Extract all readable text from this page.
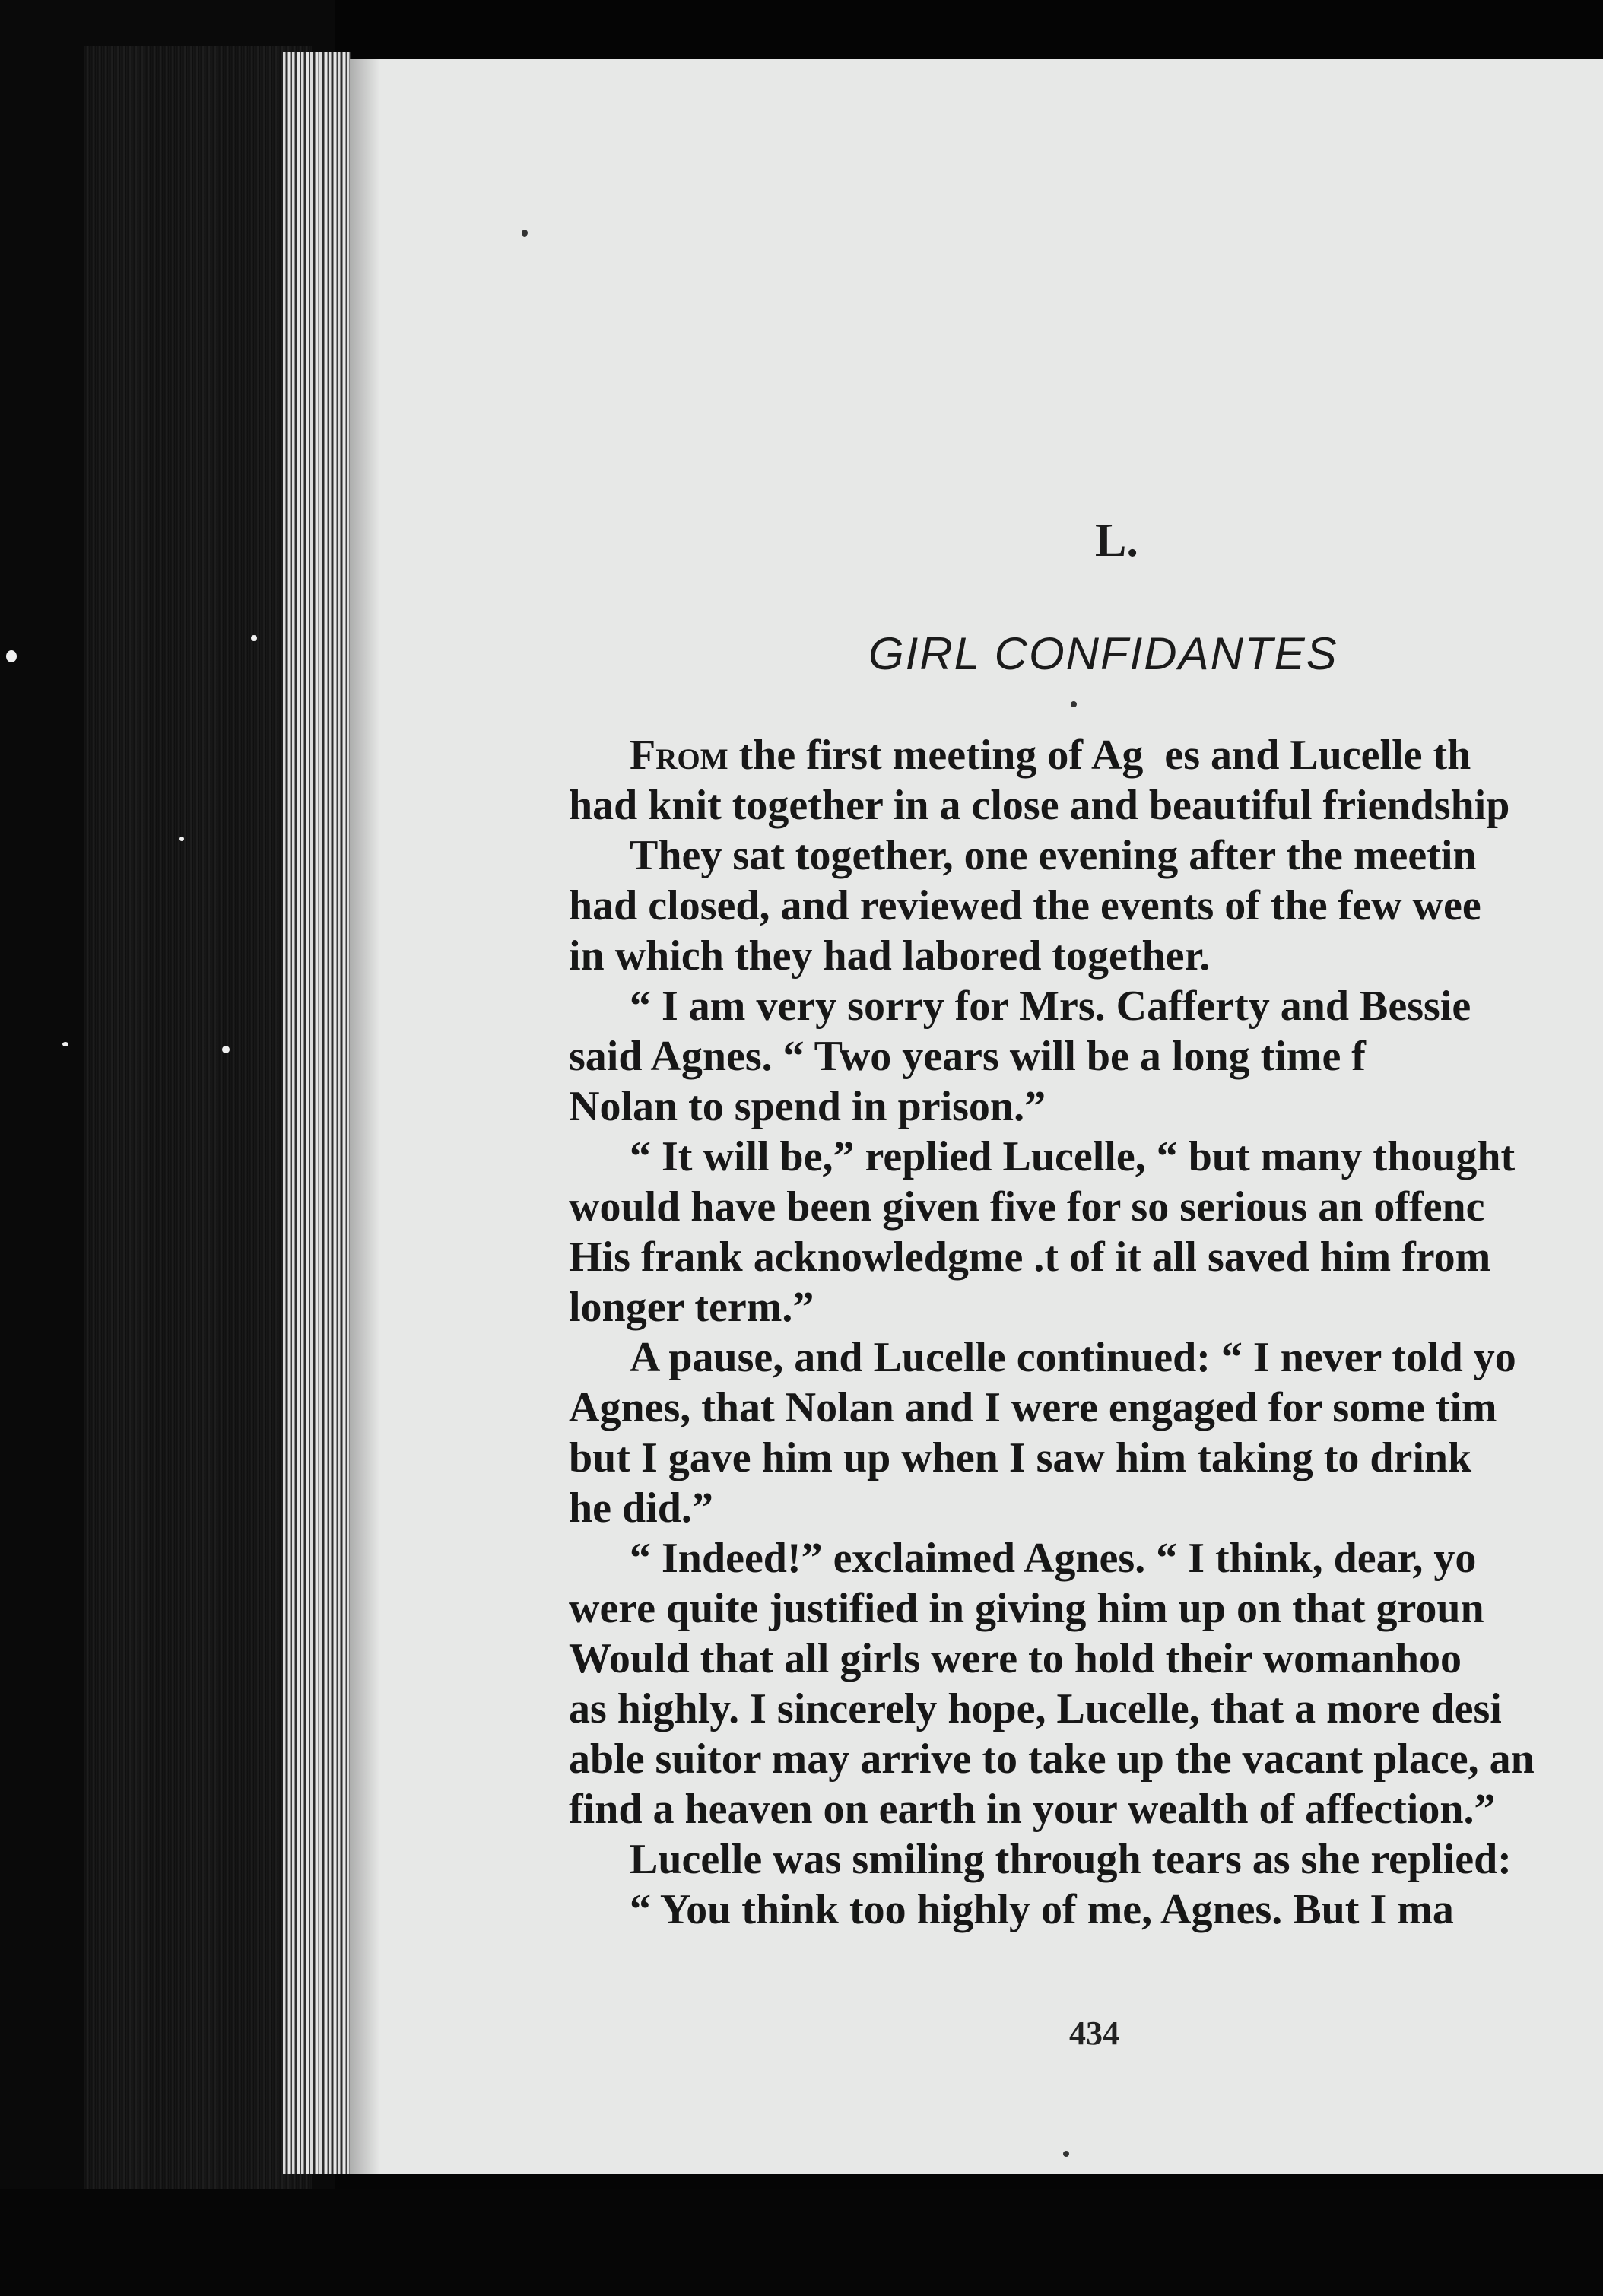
L.
GIRL CONFIDANTES
From the first meeting of Ag  es and Lucelle th
had knit together in a close and beautiful friendship
They sat together, one evening after the meetin
had closed, and reviewed the events of the few wee
in which they had labored together.
“ I am very sorry for Mrs. Cafferty and Bessie
said Agnes. “ Two years will be a long time f
Nolan to spend in prison.”
“ It will be,” replied Lucelle, “ but many thought
would have been given five for so serious an offenc
His frank acknowledgme .t of it all saved him from
longer term.”
A pause, and Lucelle continued: “ I never told yo
Agnes, that Nolan and I were engaged for some tim
but I gave him up when I saw him taking to drink
he did.”
“ Indeed!” exclaimed Agnes. “ I think, dear, yo
were quite justified in giving him up on that groun
Would that all girls were to hold their womanhoo
as highly. I sincerely hope, Lucelle, that a more desi
able suitor may arrive to take up the vacant place, an
find a heaven on earth in your wealth of affection.”
Lucelle was smiling through tears as she replied:
“ You think too highly of me, Agnes. But I ma
434
